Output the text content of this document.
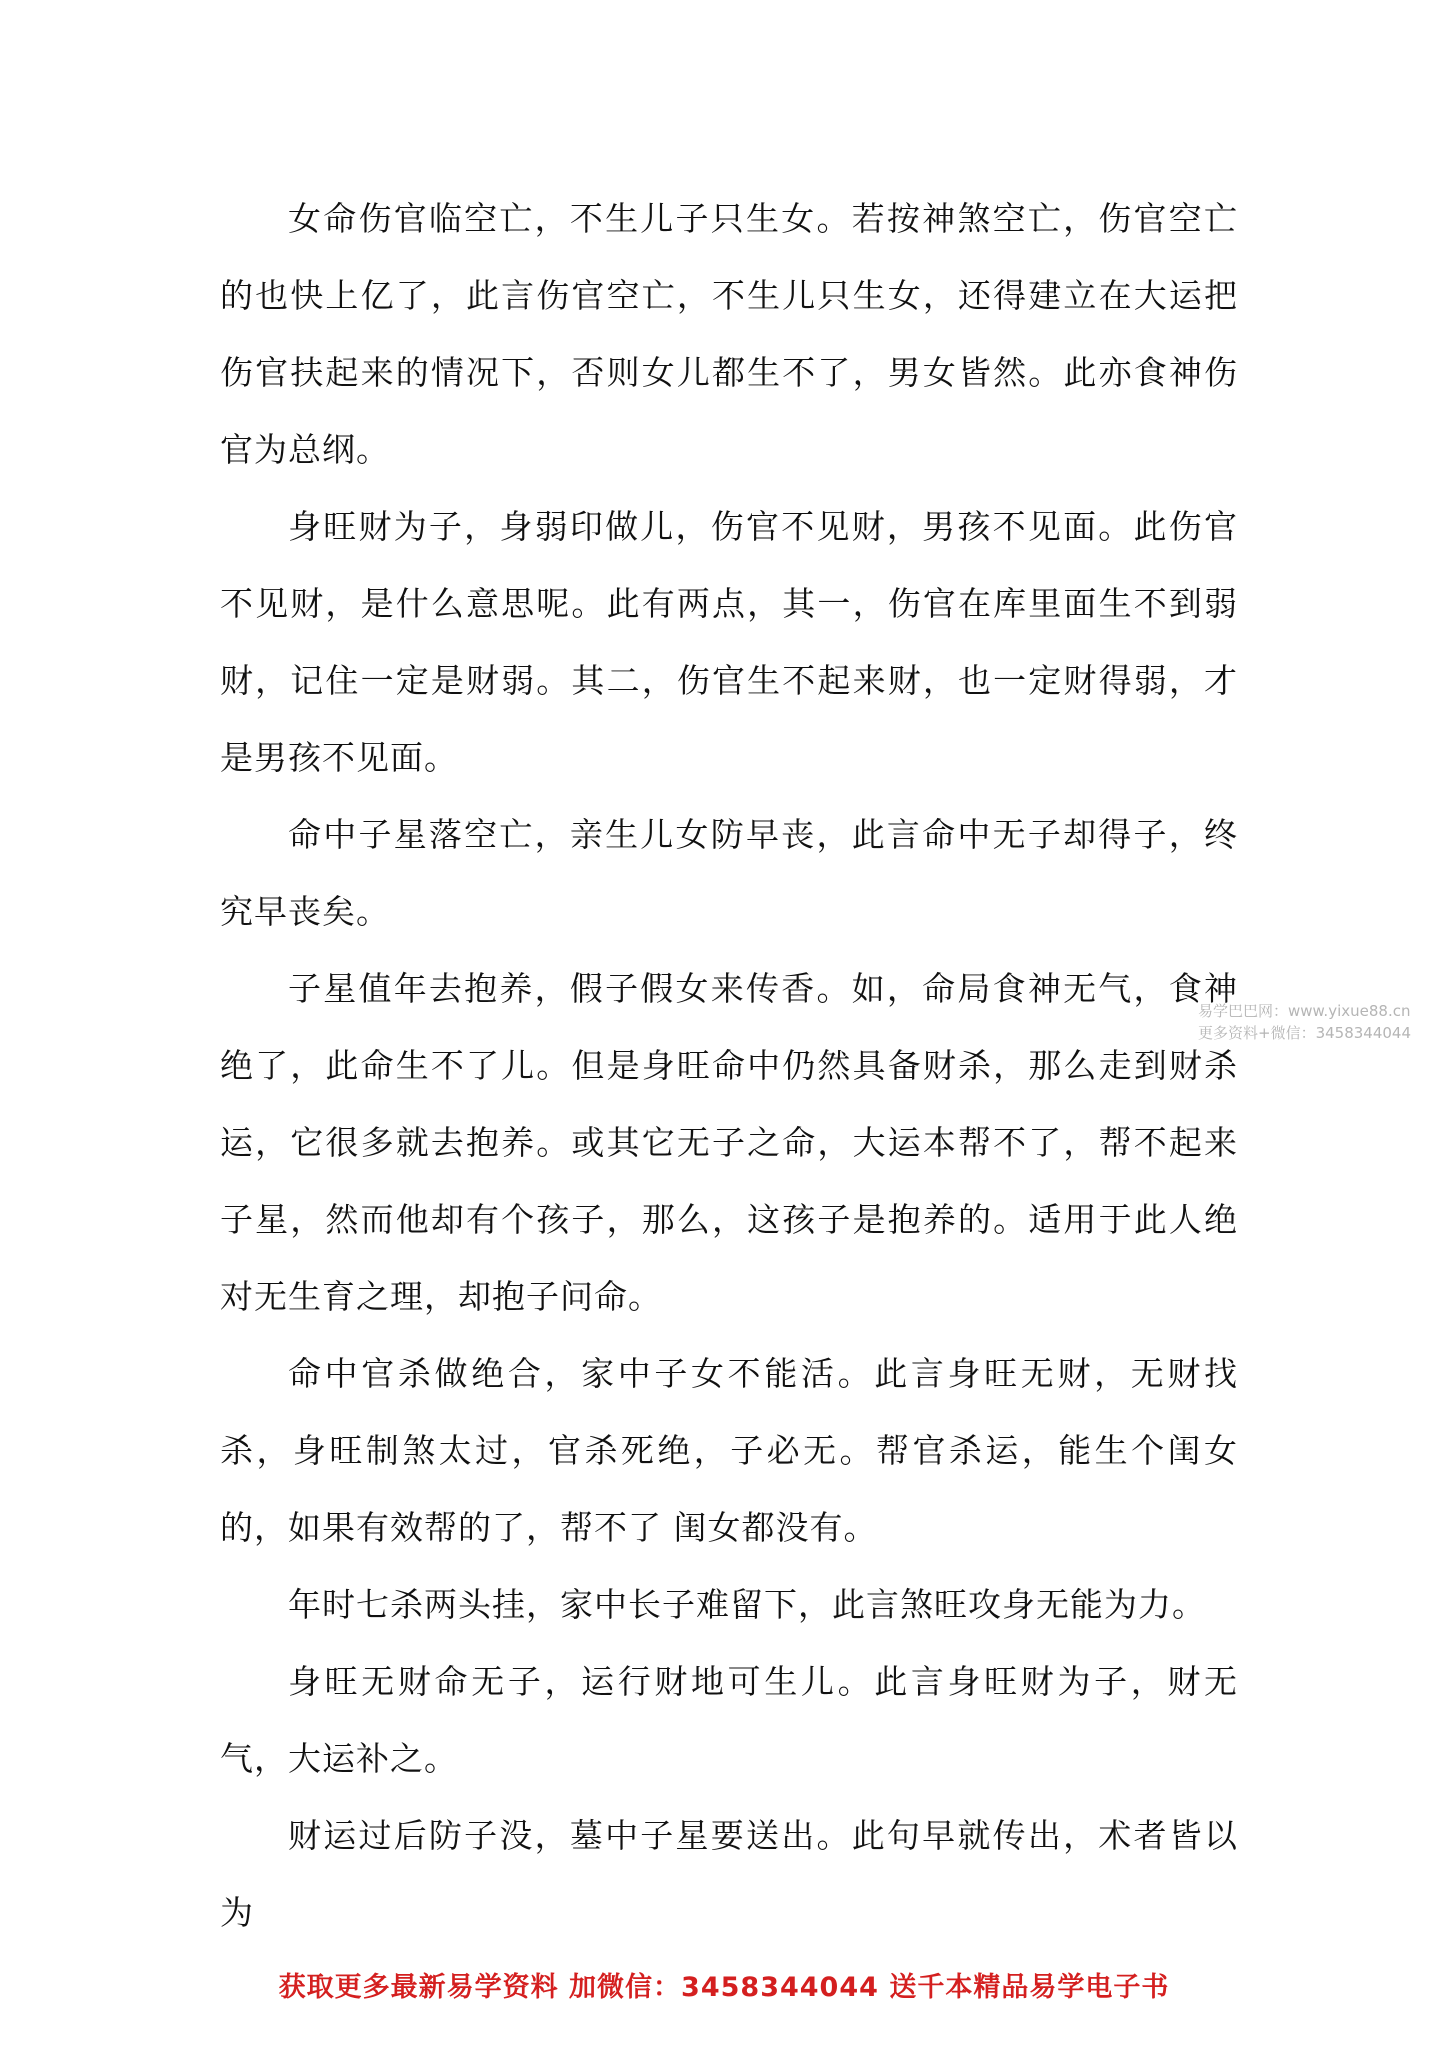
女命伤官临空亡，不生儿子只生女。若按神煞空亡，伤官空亡的也快上亿了，此言伤官空亡，不生儿只生女，还得建立在大运把伤官扶起来的情况下，否则女儿都生不了，男女皆然。此亦食神伤官为总纲。

身旺财为子，身弱印做儿，伤官不见财，男孩不见面。此伤官不见财，是什么意思呢。此有两点，其一，伤官在库里面生不到弱财，记住一定是财弱。其二，伤官生不起来财，也一定财得弱，才是男孩不见面。

命中子星落空亡，亲生儿女防早丧，此言命中无子却得子，终究早丧矣。

子星值年去抱养，假子假女来传香。如，命局食神无气，食神绝了，此命生不了儿。但是身旺命中仍然具备财杀，那么走到财杀运，它很多就去抱养。或其它无子之命，大运本帮不了，帮不起来子星，然而他却有个孩子，那么，这孩子是抱养的。适用于此人绝对无生育之理，却抱子问命。

命中官杀做绝合，家中子女不能活。此言身旺无财，无财找杀，身旺制煞太过，官杀死绝，子必无。帮官杀运，能生个闺女的，如果有效帮的了，帮不了 闺女都没有。

年时七杀两头挂，家中长子难留下，此言煞旺攻身无能为力。

身旺无财命无子，运行财地可生儿。此言身旺财为子，财无气，大运补之。

财运过后防子没，墓中子星要送出。此句早就传出，术者皆以为

易学巴巴网：www.yixue88.cn
更多资料+微信：3458344044
获取更多最新易学资料 加微信：3458344044 送千本精品易学电子书
